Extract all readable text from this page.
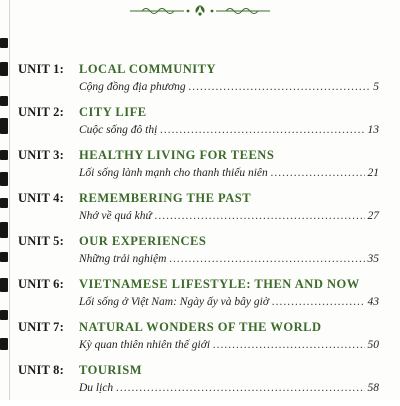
UNIT 1:	LOCAL COMMUNITY
Cộng đồng địa phương .....	5
UNIT 2:	CITY LIFE
Cuộc sống đô thị .....	13
UNIT 3:	HEALTHY LIVING FOR TEENS
Lối sống lành mạnh cho thanh thiếu niên .....	21
UNIT 4:	REMEMBERING THE PAST
Nhớ về quá khứ .....	27
UNIT 5:	OUR EXPERIENCES
Những trải nghiệm .....	35
UNIT 6:	VIETNAMESE LIFESTYLE: THEN AND NOW
Lối sống ở Việt Nam: Ngày ấy và bây giờ .....	43
UNIT 7:	NATURAL WONDERS OF THE WORLD
Kỳ quan thiên nhiên thế giới .....	50
UNIT 8:	TOURISM
Du lịch .....	58
